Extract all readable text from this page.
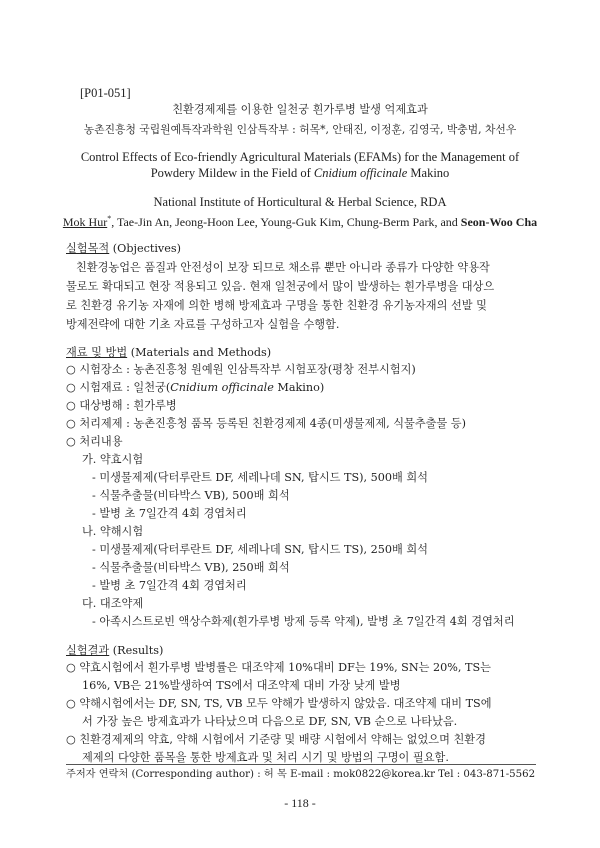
[P01-051]
친환경제제를 이용한 일천궁 흰가루병 발생 억제효과
농촌진흥청 국립원예특작과학원 인삼특작부 : 허목*, 안태진, 이정훈, 김영국, 박충범, 차선우
Control Effects of Eco-friendly Agricultural Materials (EFAMs) for the Management of
Powdery Mildew in the Field of Cnidium officinale Makino
National Institute of Horticultural & Herbal Science, RDA
Mok Hur*, Tae-Jin An, Jeong-Hoon Lee, Young-Guk Kim, Chung-Berm Park, and Seon-Woo Cha
실험목적 (Objectives)
친환경농업은 품질과 안전성이 보장 되므로 채소류 뿐만 아니라 종류가 다양한 약용작
물로도 확대되고 현장 적용되고 있음. 현재 일천궁에서 많이 발생하는 흰가루병을 대상으
로 친환경 유기농 자재에 의한 병해 방제효과 구명을 통한 친환경 유기농자재의 선발 및
방제전략에 대한 기초 자료를 구성하고자 실험을 수행함.
재료 및 방법 (Materials and Methods)
○ 시험장소 : 농촌진흥청 원예원 인삼특작부 시험포장(평창 전부시험지)
○ 시험재료 : 일천궁(Cnidium officinale Makino)
○ 대상병해 : 흰가루병
○ 처리제제 : 농촌진흥청 품목 등록된 친환경제제 4종(미생물제제, 식물추출물 등)
○ 처리내용
가. 약효시험
- 미생물제제(닥터루란트 DF, 세레나데 SN, 탑시드 TS), 500배 희석
- 식물추출물(비타박스 VB), 500배 희석
- 발병 초 7일간격 4회 경엽처리
나. 약해시험
- 미생물제제(닥터루란트 DF, 세레나데 SN, 탑시드 TS), 250배 희석
- 식물추출물(비타박스 VB), 250배 희석
- 발병 초 7일간격 4회 경엽처리
다. 대조약제
- 아족시스트로빈 액상수화제(흰가루병 방제 등록 약제), 발병 초 7일간격 4회 경엽처리
실험결과 (Results)
○ 약효시험에서 흰가루병 발병률은 대조약제 10%대비 DF는 19%, SN는 20%, TS는
16%, VB은 21%발생하여 TS에서 대조약제 대비 가장 낮게 발병
○ 약해시험에서는 DF, SN, TS, VB 모두 약해가 발생하지 않았음. 대조약제 대비 TS에
서 가장 높은 방제효과가 나타났으며 다음으로 DF, SN, VB 순으로 나타났음.
○ 친환경제제의 약효, 약해 시험에서 기준량 및 배량 시험에서 약해는 없었으며 친환경
제제의 다양한 품목을 통한 방제효과 및 처리 시기 및 방법의 구명이 필요함.
주저자 연락처 (Corresponding author) : 허 목 E-mail : mok0822@korea.kr Tel : 043-871-5562
- 118 -
